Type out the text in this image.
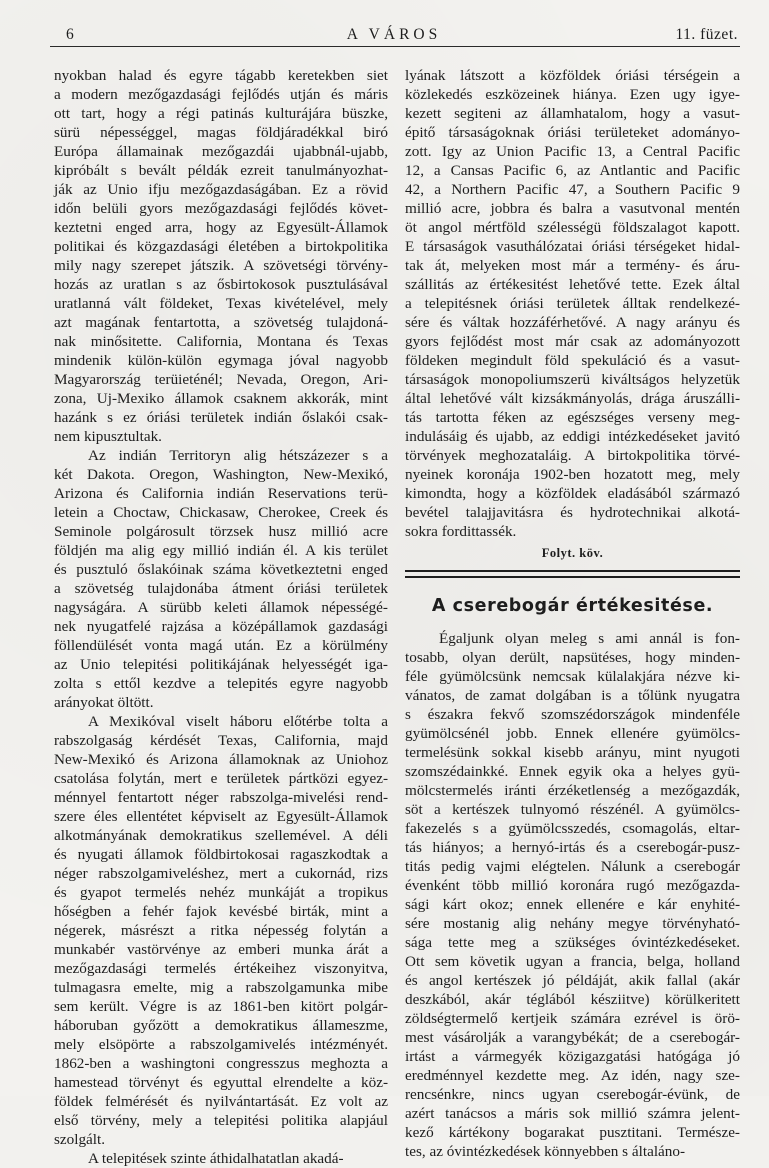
6	A VÁROS	11. füzet.
nyokban halad és egyre tágabb keretekben siet
a modern mezőgazdasági fejlődés utján és máris
ott tart, hogy a régi patinás kulturájára büszke,
sürü népességgel, magas földjáradékkal biró
Európa államainak mezőgazdái ujabbnál-ujabb,
kipróbált s bevált példák ezreit tanulmányozhat-
ják az Unio ifju mezőgazdaságában. Ez a rövid
időn belüli gyors mezőgazdasági fejlődés követ-
keztetni enged arra, hogy az Egyesült-Államok
politikai és közgazdasági életében a birtokpolitika
mily nagy szerepet játszik. A szövetségi törvény-
hozás az uratlan s az ősbirtokosok pusztulásával
uratlanná vált földeket, Texas kivételével, mely
azt magának fentartotta, a szövetség tulajdoná-
nak minősitette. California, Montana és Texas
mindenik külön-külön egymaga jóval nagyobb
Magyarország terüieténél; Nevada, Oregon, Ari-
zona, Uj-Mexiko államok csaknem akkorák, mint
hazánk s ez óriási területek indián őslakói csak-
nem kipusztultak.
Az indián Territoryn alig hétszázezer s a
két Dakota. Oregon, Washington, New-Mexikó,
Arizona és California indián Reservations terü-
letein a Choctaw, Chickasaw, Cherokee, Creek és
Seminole polgárosult törzsek husz millió acre
földjén ma alig egy millió indián él. A kis terület
és pusztuló őslakóinak száma következtetni enged
a szövetség tulajdonába átment óriási területek
nagyságára. A sürübb keleti államok népességé-
nek nyugatfelé rajzása a középállamok gazdasági
föllendülését vonta magá után. Ez a körülmény
az Unio telepitési politikájának helyességét iga-
zolta s ettől kezdve a telepités egyre nagyobb
arányokat öltött.
A Mexikóval viselt háboru előtérbe tolta a
rabszolgaság kérdését Texas, California, majd
New-Mexikó és Arizona államoknak az Uniohoz
csatolása folytán, mert e területek pártközi egyez-
ménnyel fentartott néger rabszolga-mivelési rend-
szere éles ellentétet képviselt az Egyesült-Államok
alkotmányának demokratikus szellemével. A déli
és nyugati államok földbirtokosai ragaszkodtak a
néger rabszolgamiveléshez, mert a cukornád, rizs
és gyapot termelés nehéz munkáját a tropikus
hőségben a fehér fajok kevésbé birták, mint a
négerek, másrészt a ritka népesség folytán a
munkabér vastörvénye az emberi munka árát a
mezőgazdasági termelés értékeihez viszonyitva,
tulmagasra emelte, mig a rabszolgamunka mibe
sem került. Végre is az 1861-ben kitört polgár-
háboruban győzött a demokratikus állameszme,
mely elsöpörte a rabszolgamivelés intézményét.
1862-ben a washingtoni congresszus meghozta a
hamestead törvényt és egyuttal elrendelte a köz-
földek felmérését és nyilvántartását. Ez volt az
első törvény, mely a telepitési politika alapjául
szolgált.
A telepitések szinte áthidalhatatlan akadá-
lyának látszott a közföldek óriási térségein a
közlekedés eszközeinek hiánya. Ezen ugy igye-
kezett segiteni az államhatalom, hogy a vasut-
épitő társaságoknak óriási területeket adományo-
zott. Igy az Union Pacific 13, a Central Pacific
12, a Cansas Pacific 6, az Antlantic and Pacific
42, a Northern Pacific 47, a Southern Pacific 9
millió acre, jobbra és balra a vasutvonal mentén
öt angol mértföld szélességü földszalagot kapott.
E társaságok vasuthálózatai óriási térségeket hidal-
tak át, melyeken most már a termény- és áru-
szállitás az értékesitést lehetővé tette. Ezek által
a telepitésnek óriási területek álltak rendelkezé-
sére és váltak hozzáférhetővé. A nagy arányu és
gyors fejlődést most már csak az adományozott
földeken megindult föld spekuláció és a vasut-
társaságok monopoliumszerü kiváltságos helyzetük
által lehetővé vált kizsákmányolás, drága áruszálli-
tás tartotta féken az egészséges verseny meg-
indulásáig és ujabb, az eddigi intézkedéseket javitó
törvények meghozataláig. A birtokpolitika törvé-
nyeinek koronája 1902-ben hozatott meg, mely
kimondta, hogy a közföldek eladásából származó
bevétel talajjavitásra és hydrotechnikai alkotá-
sokra fordittassék.
Folyt. köv.
A cserebogár értékesitése.
Égaljunk olyan meleg s ami annál is fon-
tosabb, olyan derült, napsütéses, hogy minden-
féle gyümölcsünk nemcsak külalakjára nézve ki-
vánatos, de zamat dolgában is a tőlünk nyugatra
s északra fekvő szomszédországok mindenféle
gyümölcsénél jobb. Ennek ellenére gyümölcs-
termelésünk sokkal kisebb arányu, mint nyugoti
szomszédainkké. Ennek egyik oka a helyes gyü-
mölcstermelés iránti érzéketlenség a mezőgazdák,
söt a kertészek tulnyomó részénél. A gyümölcs-
fakezelés s a gyümölcsszedés, csomagolás, eltar-
tás hiányos; a hernyó-irtás és a cserebogár-pusz-
titás pedig vajmi elégtelen. Nálunk a cserebogár
évenként több millió koronára rugó mezőgazda-
sági kárt okoz; ennek ellenére e kár enyhité-
sére mostanig alig nehány megye törvényható-
sága tette meg a szükséges óvintézkedéseket.
Ott sem követik ugyan a francia, belga, holland
és angol kertészek jó példáját, akik fallal (akár
deszkából, akár téglából késziitve) körülkeritett
zöldségtermelő kertjeik számára ezrével is örö-
mest vásárolják a varangybékát; de a cserebogár-
irtást a vármegyék közigazgatási hatógága jó
eredménnyel kezdette meg. Az idén, nagy sze-
rencsénkre, nincs ugyan cserebogár-évünk, de
azért tanácsos a máris sok millió számra jelent-
kező kártékony bogarakat pusztitani. Természe-
tes, az óvintézkedések könnyebben s általáno-
